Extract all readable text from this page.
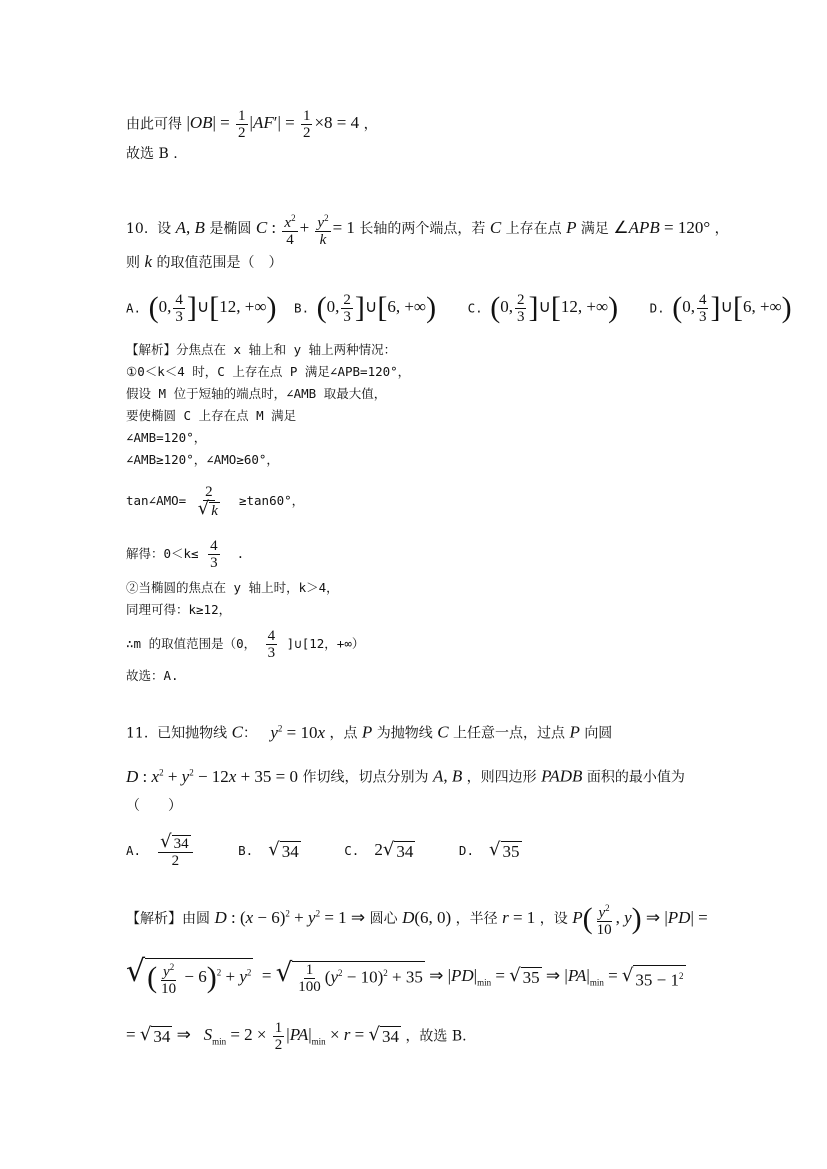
由此可得 $|OB| = \frac{1}{2} |AF'| = \frac{1}{2} \times 8 = 4$ ，
故选 B .
10. 设 A, B 是椭圆 C : $\frac{x^2}{4} + \frac{y^2}{k} = 1$ 长轴的两个端点，若 C 上存在点 P 满足 ∠APB = 120° ，
则 k 的取值范围是（　）
A. (0, $\frac{4}{3}$ ]∪[12, +∞) B. (0, $\frac{2}{3}$ ]∪[6, +∞)	C. (0, $\frac{2}{3}$ ]∪[12, +∞)	D. (0, $\frac{4}{3}$ ]∪[6, +∞)
【解析】分焦点在 x 轴上和 y 轴上两种情况：
①0＜k＜4 时，C 上存在点 P 满足∠APB=120°，
假设 M 位于短轴的端点时，∠AMB 取最大值，
要使椭圆 C 上存在点 M 满足
∠AMB=120°，
∠AMB≥120°，∠AMO≥60°，
tan∠AMO= $\frac{2}{√ k} \ge\tan 60^\circ$，
解得：$0<k\le \frac{4}{3}$ .
②当椭圆的焦点在 y 轴上时，k＞4，
同理可得：k≥12，
∴m 的取值范围是（0， $\frac{4}{3}$ ]∪[12，+∞）
故选：A.
11. 已知抛物线 C：   $y^2 = 10x$ ，点 P 为抛物线 C 上任意一点，过点 P 向圆
D : $x^2 + y^2 - 12x + 35 = 0$ 作切线，切点分别为 A, B ，则四边形 PADB 面积的最小值为
（　　）
A. $\frac{√ 34}{2}$	B. √ 34	C. 2√ 34	D. √ 35
【解析】由圆 D : $(x - 6)^2 + y^2 = 1$ ⇒ 圆心 D(6, 0) ，半径 r = 1 ，设 $P( \frac{y^2}{10}$ , y) ⇒ |PD| =
√( $\frac{y^2}{10} - 6)^2 + y^2$  = √ $\frac{1}{100} (y^2 - 10)^2 + 35$ ⇒ $|PD|_{min}$ = √ 35 ⇒ $|PA|_{min}$ = √ $35 - 1^2$
= √ 34 ⇒   $S_{min} = 2 \times \frac{1}{2} |PA|_{min} \times r$ = √ 34 ，故选 B.
